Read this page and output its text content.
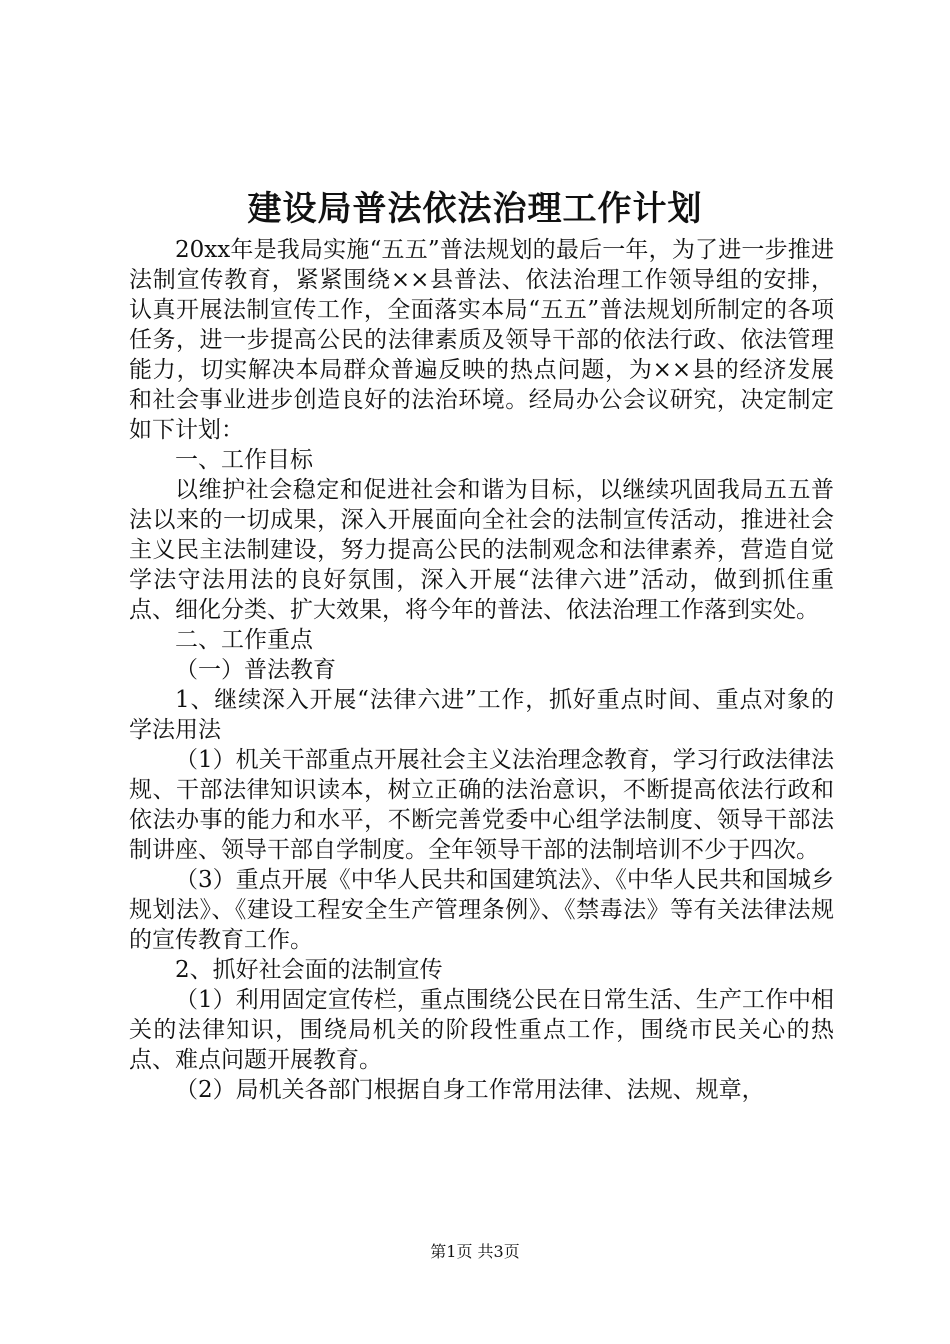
建设局普法依法治理工作计划

20xx年是我局实施“五五”普法规划的最后一年，为了进一步推进法制宣传教育，紧紧围绕××县普法、依法治理工作领导组的安排，认真开展法制宣传工作，全面落实本局“五五”普法规划所制定的各项任务，进一步提高公民的法律素质及领导干部的依法行政、依法管理能力，切实解决本局群众普遍反映的热点问题，为××县的经济发展和社会事业进步创造良好的法治环境。经局办公会议研究，决定制定如下计划：

一、工作目标

以维护社会稳定和促进社会和谐为目标，以继续巩固我局五五普法以来的一切成果，深入开展面向全社会的法制宣传活动，推进社会主义民主法制建设，努力提高公民的法制观念和法律素养，营造自觉学法守法用法的良好氛围，深入开展“法律六进”活动，做到抓住重点、细化分类、扩大效果，将今年的普法、依法治理工作落到实处。

二、工作重点

（一）普法教育

1、继续深入开展“法律六进”工作，抓好重点时间、重点对象的学法用法

（1）机关干部重点开展社会主义法治理念教育，学习行政法律法规、干部法律知识读本，树立正确的法治意识，不断提高依法行政和依法办事的能力和水平，不断完善党委中心组学法制度、领导干部法制讲座、领导干部自学制度。全年领导干部的法制培训不少于四次。

（3）重点开展《中华人民共和国建筑法》、《中华人民共和国城乡规划法》、《建设工程安全生产管理条例》、《禁毒法》等有关法律法规的宣传教育工作。

2、抓好社会面的法制宣传

（1）利用固定宣传栏，重点围绕公民在日常生活、生产工作中相关的法律知识，围绕局机关的阶段性重点工作，围绕市民关心的热点、难点问题开展教育。

（2）局机关各部门根据自身工作常用法律、法规、规章，

第1页 共3页
